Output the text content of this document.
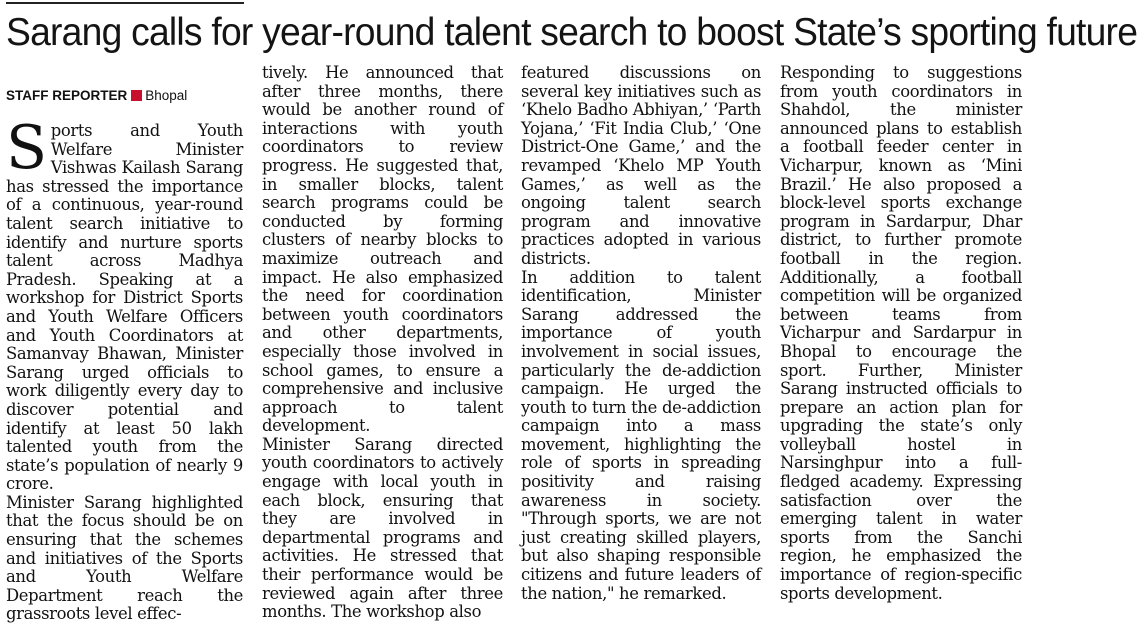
Sarang calls for year-round talent search to boost State’s sporting future
STAFF REPORTER Bhopal

Sports and Youth Welfare Minister Vishwas Kailash Sarang has stressed the importance of a continuous, year-round talent search initiative to identify and nurture sports talent across Madhya Pradesh. Speaking at a workshop for District Sports and Youth Welfare Officers and Youth Coordinators at Samanvay Bhawan, Minister Sarang urged officials to work diligently every day to discover potential and identify at least 50 lakh talented youth from the state’s population of nearly 9 crore.

Minister Sarang highlighted that the focus should be on ensuring that the schemes and initiatives of the Sports and Youth Welfare Department reach the grassroots level effec-

tively. He announced that after three months, there would be another round of interactions with youth coordinators to review progress. He suggested that, in smaller blocks, talent search programs could be conducted by forming clusters of nearby blocks to maximize outreach and impact. He also emphasized the need for coordination between youth coordinators and other departments, especially those involved in school games, to ensure a comprehensive and inclusive approach to talent development.

Minister Sarang directed youth coordinators to actively engage with local youth in each block, ensuring that they are involved in departmental programs and activities. He stressed that their performance would be reviewed again after three months. The workshop also

featured discussions on several key initiatives such as ‘Khelo Badho Abhiyan,’ ‘Parth Yojana,’ ‘Fit India Club,’ ‘One District-One Game,’ and the revamped ‘Khelo MP Youth Games,’ as well as the ongoing talent search program and innovative practices adopted in various districts.

In addition to talent identification, Minister Sarang addressed the importance of youth involvement in social issues, particularly the de-addiction campaign. He urged the youth to turn the de-addiction campaign into a mass movement, highlighting the role of sports in spreading positivity and raising awareness in society. "Through sports, we are not just creating skilled players, but also shaping responsible citizens and future leaders of the nation," he remarked.

Responding to suggestions from youth coordinators in Shahdol, the minister announced plans to establish a football feeder center in Vicharpur, known as ‘Mini Brazil.’ He also proposed a block-level sports exchange program in Sardarpur, Dhar district, to further promote football in the region. Additionally, a football competition will be organized between teams from Vicharpur and Sardarpur in Bhopal to encourage the sport. Further, Minister Sarang instructed officials to prepare an action plan for upgrading the state’s only volleyball hostel in Narsinghpur into a full-fledged academy. Expressing satisfaction over the emerging talent in water sports from the Sanchi region, he emphasized the importance of region-specific sports development.
